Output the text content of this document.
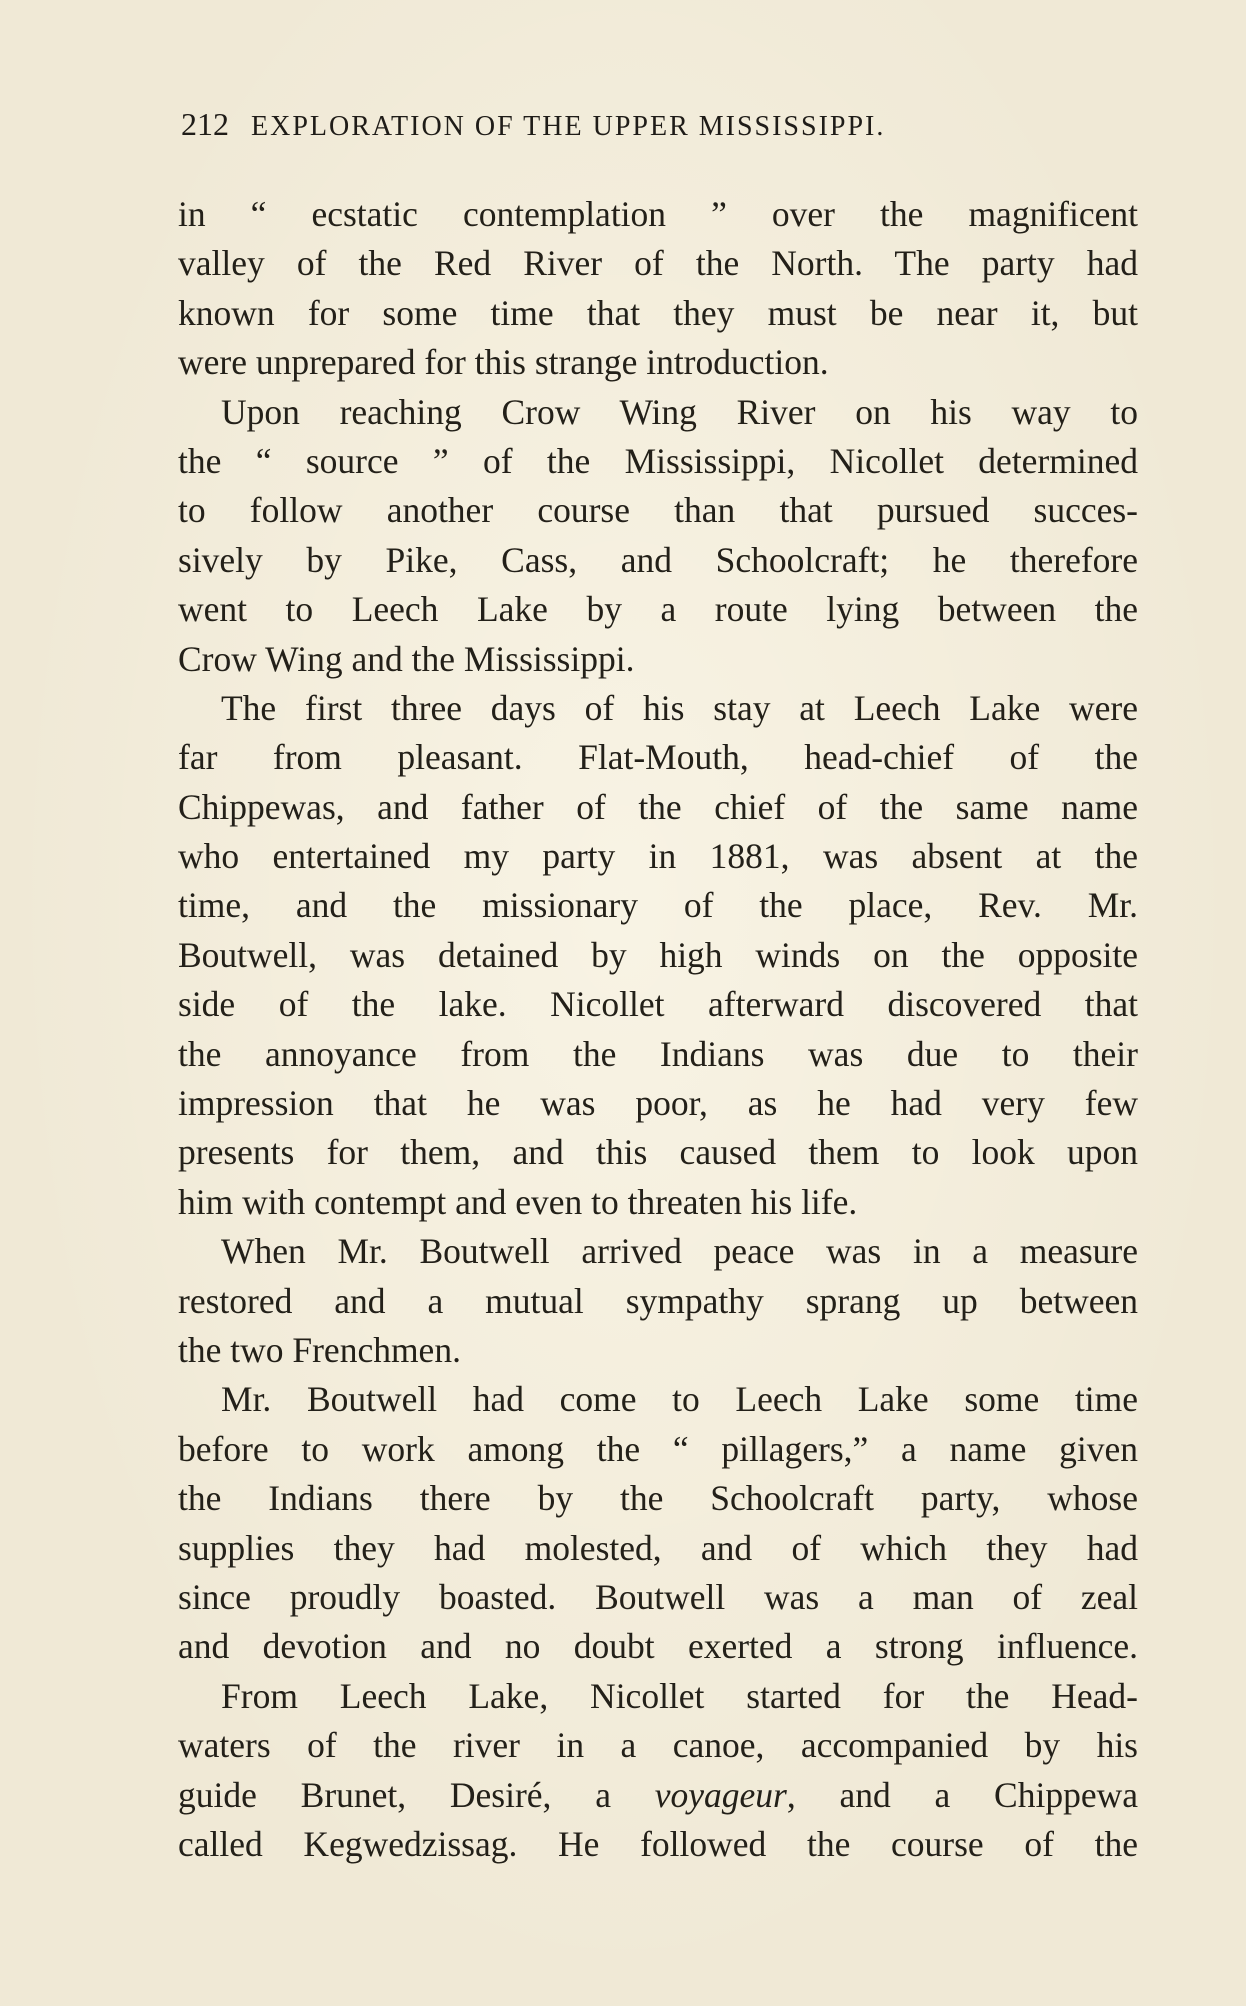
212 EXPLORATION OF THE UPPER MISSISSIPPI.
in “ ecstatic contemplation ” over the magnificent
valley of the Red River of the North. The party had
known for some time that they must be near it, but
were unprepared for this strange introduction.
Upon reaching Crow Wing River on his way to
the “ source ” of the Mississippi, Nicollet determined
to follow another course than that pursued succes-
sively by Pike, Cass, and Schoolcraft; he therefore
went to Leech Lake by a route lying between the
Crow Wing and the Mississippi.
The first three days of his stay at Leech Lake were
far from pleasant. Flat-Mouth, head-chief of the
Chippewas, and father of the chief of the same name
who entertained my party in 1881, was absent at the
time, and the missionary of the place, Rev. Mr.
Boutwell, was detained by high winds on the opposite
side of the lake. Nicollet afterward discovered that
the annoyance from the Indians was due to their
impression that he was poor, as he had very few
presents for them, and this caused them to look upon
him with contempt and even to threaten his life.
When Mr. Boutwell arrived peace was in a measure
restored and a mutual sympathy sprang up between
the two Frenchmen.
Mr. Boutwell had come to Leech Lake some time
before to work among the “ pillagers,” a name given
the Indians there by the Schoolcraft party, whose
supplies they had molested, and of which they had
since proudly boasted. Boutwell was a man of zeal
and devotion and no doubt exerted a strong influence.
From Leech Lake, Nicollet started for the Head-
waters of the river in a canoe, accompanied by his
guide Brunet, Desiré, a voyageur, and a Chippewa
called Kegwedzissag. He followed the course of the
